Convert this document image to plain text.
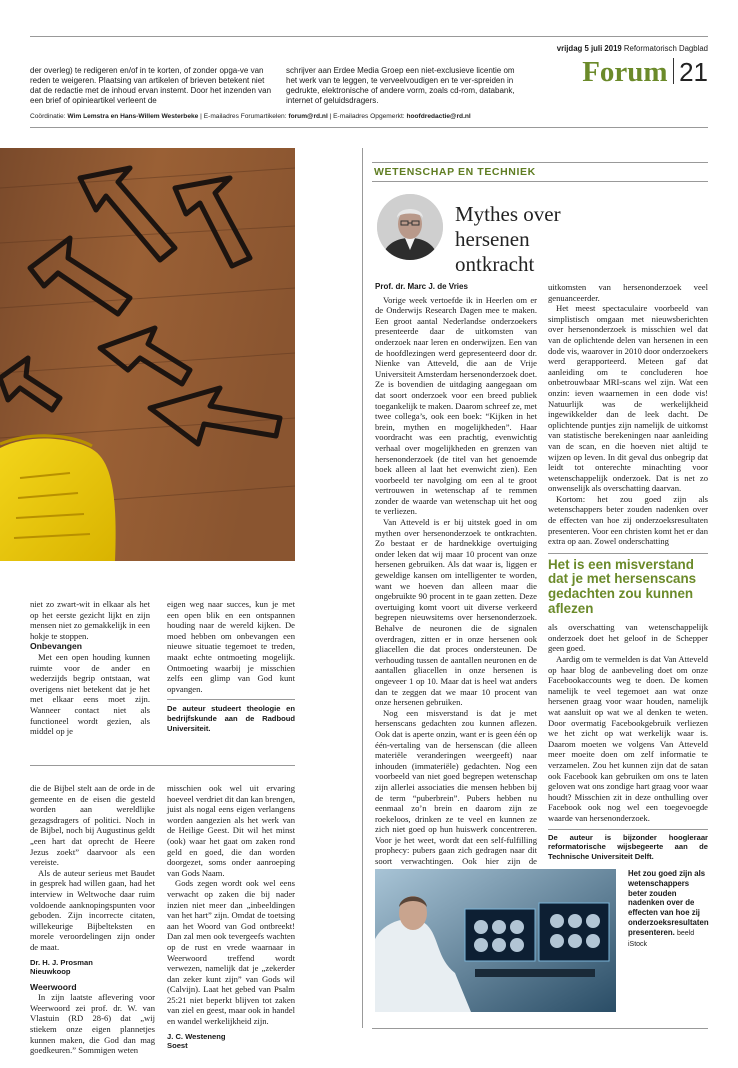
vrijdag 5 juli 2019 Reformatorisch Dagblad
Forum 21
der overleg) te redigeren en/of in te korten, of zonder opga-ve van reden te weigeren. Plaatsing van artikelen of brieven betekent niet dat de redactie met de inhoud ervan instemt. Door het inzenden van een brief of opinieartikel verleent de
schrijver aan Erdee Media Groep een niet-exclusieve licentie om het werk van te leggen, te verveelvoudigen en te ver-spreiden in gedrukte, elektronische of andere vorm, zoals cd-rom, databank, internet of geluidsdragers.
Coördinatie: Wim Lemstra en Hans-Willem Westerbeke | E-mailadres Forumartikelen: forum@rd.nl | E-mailadres Opgemerkt: hoofdredactie@rd.nl

niet zo zwart-wit in elkaar als het op het eerste gezicht lijkt en zijn mensen niet zo gemakkelijk in een hokje te stoppen.

Onbevangen

Met een open houding kunnen ruimte voor de ander en wederzijds begrip ontstaan, wat overigens niet betekent dat je het met elkaar eens moet zijn. Wanneer contact niet als functioneel wordt gezien, als middel op je

eigen weg naar succes, kun je met een open blik en een ontspannen houding naar de wereld kijken. De moed hebben om onbevangen een nieuwe situatie tegemoet te treden, maakt echte ontmoeting mogelijk. Ontmoeting waarbij je misschien zelfs een glimp van God kunt opvangen.

De auteur studeert theologie en bedrijfskunde aan de Radboud Universiteit.

die de Bijbel stelt aan de orde in de gemeente en de eisen die gesteld worden aan wereldlijke gezagsdragers of politici. Noch in de Bijbel, noch bij Augustinus geldt „een hart dat oprecht de Heere Jezus zoekt” daarvoor als een vereiste.

Als de auteur serieus met Baudet in gesprek had willen gaan, had het interview in Weltwoche daar ruim voldoende aanknopingspunten voor geboden. Zijn incorrecte citaten, willekeurige Bijbelteksten en morele veroordelingen zijn onder de maat.

Dr. H. J. Prosman
Nieuwkoop
Weerwoord

In zijn laatste aflevering voor Weerwoord zei prof. dr. W. van Vlastuin (RD 28-6) dat „wij stiekem onze eigen plannetjes kunnen maken, die God dan mag goedkeuren.” Sommigen weten

misschien ook wel uit ervaring hoeveel verdriet dit dan kan brengen, juist als nogal eens eigen verlangens worden aangezien als het werk van de Heilige Geest. Dit wil het minst (ook) waar het gaat om zaken rond geld en goed, die dan worden doorgezet, soms onder aanroeping van Gods Naam.

Gods zegen wordt ook wel eens verwacht op zaken die bij nader inzien niet meer dan „inbeeldingen van het hart” zijn. Omdat de toetsing aan het Woord van God ontbreekt! Dan zal men ook tevergeefs wachten op de rust en vrede waarnaar in Weerwoord treffend wordt verwezen, namelijk dat je „zekerder dan zeker kunt zijn” van Gods wil (Calvijn). Laat het gebed van Psalm 25:21 niet beperkt blijven tot zaken van ziel en geest, maar ook in handel en wandel werkelijkheid zijn.

J. C. Westeneng
Soest
WETENSCHAP EN TECHNIEK
Mythes over hersenen ontkracht
Prof. dr. Marc J. de Vries

Vorige week vertoefde ik in Heerlen om er de Onderwijs Research Dagen mee te maken. Een groot aantal Nederlandse onderzoekers presenteerde daar de uitkomsten van onderzoek naar leren en onderwijzen. Een van de hoofdlezingen werd gepresenteerd door dr. Nienke van Atteveld, die aan de Vrije Universiteit Amsterdam hersenonderzoek doet. Ze is bovendien de uitdaging aangegaan om dat soort onderzoek voor een breed publiek toegankelijk te maken. Daarom schreef ze, met twee collega’s, ook een boek: “Kijken in het brein, mythen en mogelijkheden”. Haar voordracht was een prachtig, evenwichtig verhaal over mogelijkheden en grenzen van hersenonderzoek (de titel van het genoemde boek alleen al laat het evenwicht zien). Een voorbeeld ter navolging om een al te groot vertrouwen in wetenschap af te remmen zonder de waarde van wetenschap uit het oog te verliezen.

Van Atteveld is er bij uitstek goed in om mythen over hersenonderzoek te ontkrachten. Zo bestaat er de hardnekkige overtuiging onder leken dat wij maar 10 procent van onze hersenen gebruiken. Als dat waar is, liggen er geweldige kansen om intelligenter te worden, want we hoeven dan alleen maar die ongebruikte 90 procent in te gaan zetten. Deze overtuiging komt voort uit diverse verkeerd begrepen nieuwsitems over hersenonderzoek. Behalve de neuronen die de signalen overdragen, zitten er in onze hersenen ook gliacellen die dat proces ondersteunen. De verhouding tussen de aantallen neuronen en de aantallen gliacellen in onze hersenen is ongeveer 1 op 10. Maar dat is heel wat anders dan te zeggen dat we maar 10 procent van onze hersenen gebruiken.

Nog een misverstand is dat je met hersenscans gedachten zou kunnen aflezen. Ook dat is aperte onzin, want er is geen één op één-vertaling van de hersenscan (die alleen materiële veranderingen weergeeft) naar inhouden (immateriële) gedachten. Nog een voorbeeld van niet goed begrepen wetenschap zijn allerlei associaties die mensen hebben bij de term “puberbrein”. Pubers hebben nu eenmaal zo’n brein en daarom zijn ze roekeloos, drinken ze te veel en kunnen ze zich niet goed op hun huiswerk concentreren. Voor je het weet, wordt dat een self-fulfilling prophecy: pubers gaan zich gedragen naar dit soort verwachtingen. Ook hier zijn de

uitkomsten van hersenonderzoek veel genuanceerder.

Het meest spectaculaire voorbeeld van simplistisch omgaan met nieuwsberichten over hersenonderzoek is misschien wel dat van de oplichtende delen van hersenen in een dode vis, waarover in 2010 door onderzoekers werd gerapporteerd. Meteen gaf dat aanleiding om te concluderen hoe onbetrouwbaar MRI-scans wel zijn. Wat een onzin: ieven waarnemen in een dode vis! Natuurlijk was de werkelijkheid ingewikkelder dan de leek dacht. De oplichtende puntjes zijn namelijk de uitkomst van statistische berekeningen naar aanleiding van de scan, en die hoeven niet altijd te wijzen op leven. In dit geval dus onbegrip dat leidt tot onterechte minachting voor wetenschappelijk onderzoek. Dat is net zo onwenselijk als overschatting daarvan.

Kortom: het zou goed zijn als wetenschappers beter zouden nadenken over de effecten van hoe zij onderzoeksresultaten presenteren. Voor een christen komt het er dan extra op aan. Zowel onderschatting

Het is een misverstand dat je met hersenscans gedachten zou kunnen aflezen

als overschatting van wetenschappelijk onderzoek doet het geloof in de Schepper geen goed.

Aardig om te vermelden is dat Van Atteveld op haar blog de aanbeveling doet om onze Facebookaccounts weg te doen. De komen namelijk te veel tegemoet aan wat onze hersenen graag voor waar houden, namelijk wat aansluit op wat we al denken te weten. Door overmatig Facebookgebruik verliezen we het zicht op wat werkelijk waar is. Daarom moeten we volgens Van Atteveld meer moeite doen om zelf informatie te verzamelen. Zou het kunnen zijn dat de satan ook Facebook kan gebruiken om ons te laten geloven wat ons zondige hart graag voor waar houdt? Misschien zit in deze onthulling over Facebook ook nog wel een toegevoegde waarde van hersenonderzoek.

De auteur is bijzonder hoogleraar reformatorische wijsbegeerte aan de Technische Universiteit Delft.
Het zou goed zijn als wetenschappers beter zouden nadenken over de effecten van hoe zij onderzoeksresultaten presenteren. beeld iStock
